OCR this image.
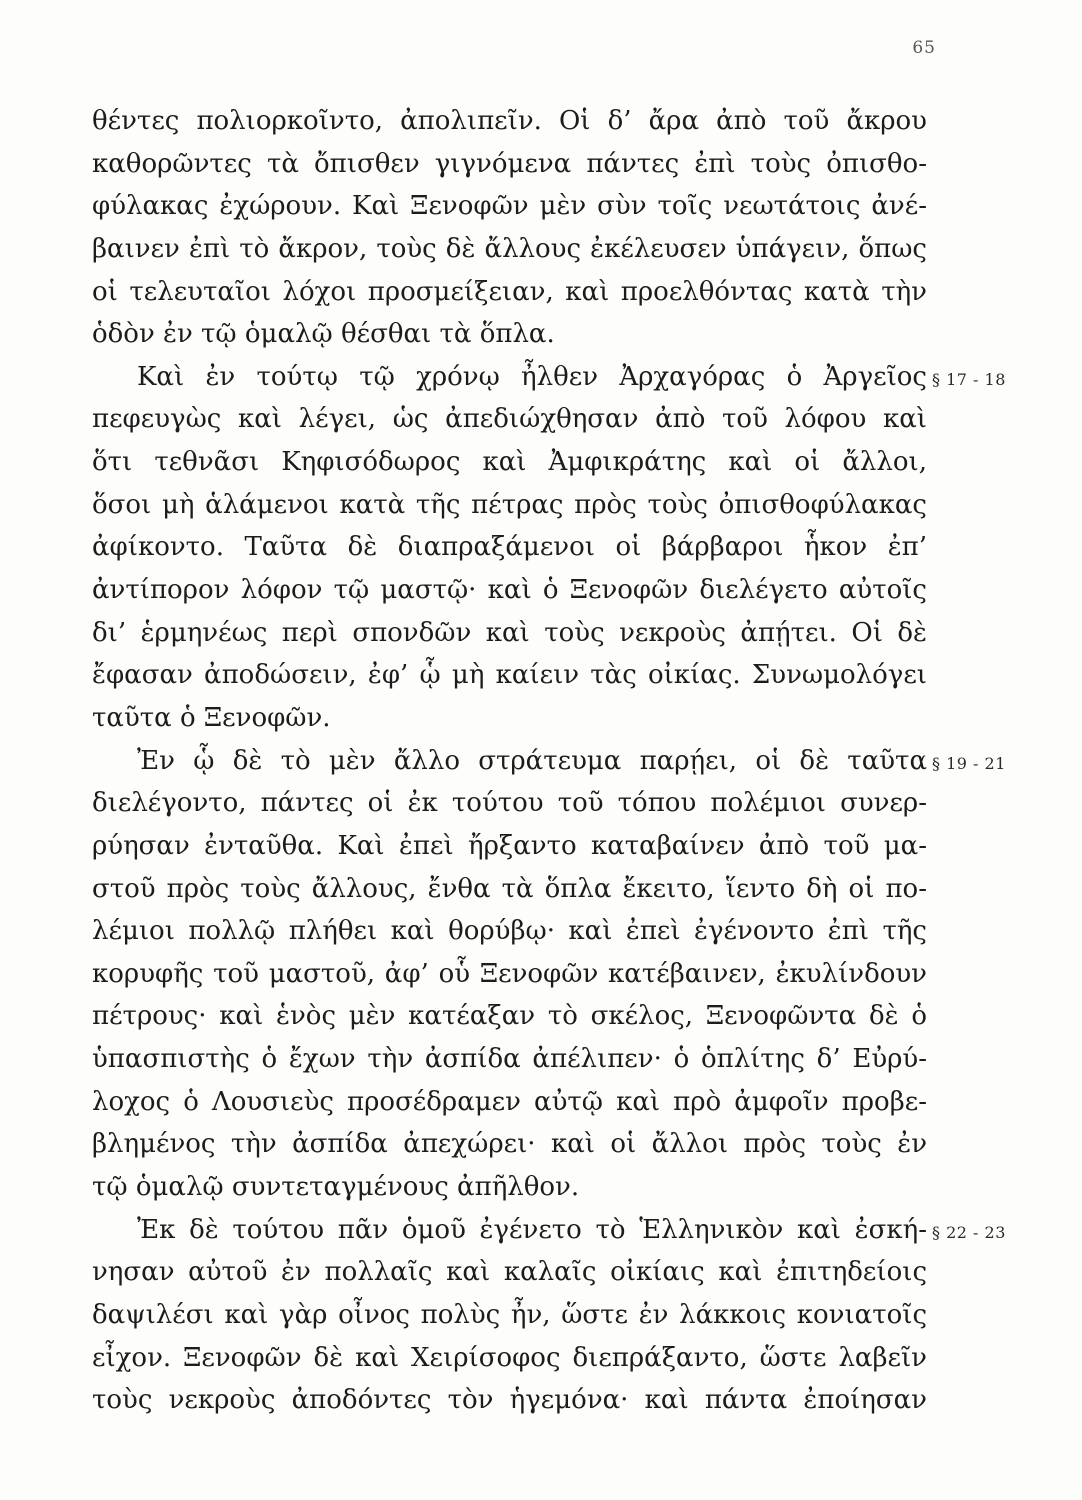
65
θέντες πολιορκοῖντο, ἀπολιπεῖν. Οἱ δ’ ἄρα ἀπὸ τοῦ ἄκρου
καθορῶντες τὰ ὄπισθεν γιγνόμενα πάντες ἐπὶ τοὺς ὀπισθο-
φύλακας ἐχώρουν. Καὶ Ξενοφῶν μὲν σὺν τοῖς νεωτάτοις ἀνέ-
βαινεν ἐπὶ τὸ ἄκρον, τοὺς δὲ ἄλλους ἐκέλευσεν ὑπάγειν, ὅπως
οἱ τελευταῖοι λόχοι προσμείξειαν, καὶ προελθόντας κατὰ τὴν
ὁδὸν ἐν τῷ ὁμαλῷ θέσθαι τὰ ὅπλα.
Καὶ ἐν τούτῳ τῷ χρόνῳ ἦλθεν Ἀρχαγόρας ὁ Ἀργεῖος
πεφευγὼς καὶ λέγει, ὡς ἀπεδιώχθησαν ἀπὸ τοῦ λόφου καὶ
ὅτι τεθνᾶσι Κηφισόδωρος καὶ Ἀμφικράτης καὶ οἱ ἄλλοι,
ὅσοι μὴ ἁλάμενοι κατὰ τῆς πέτρας πρὸς τοὺς ὀπισθοφύλακας
ἀφίκοντο. Ταῦτα δὲ διαπραξάμενοι οἱ βάρβαροι ἧκον ἐπ’
ἀντίπορον λόφον τῷ μαστῷ· καὶ ὁ Ξενοφῶν διελέγετο αὐτοῖς
δι’ ἑρμηνέως περὶ σπονδῶν καὶ τοὺς νεκροὺς ἀπῄτει. Οἱ δὲ
ἔφασαν ἀποδώσειν, ἐφ’ ᾧ μὴ καίειν τὰς οἰκίας. Συνωμολόγει
ταῦτα ὁ Ξενοφῶν.
Ἐν ᾧ δὲ τὸ μὲν ἄλλο στράτευμα παρῄει, οἱ δὲ ταῦτα
διελέγοντο, πάντες οἱ ἐκ τούτου τοῦ τόπου πολέμιοι συνερ-
ρύησαν ἐνταῦθα. Καὶ ἐπεὶ ἤρξαντο καταβαίνεν ἀπὸ τοῦ μα-
στοῦ πρὸς τοὺς ἄλλους, ἔνθα τὰ ὅπλα ἔκειτο, ἵεντο δὴ οἱ πο-
λέμιοι πολλῷ πλήθει καὶ θορύβῳ· καὶ ἐπεὶ ἐγένοντο ἐπὶ τῆς
κορυφῆς τοῦ μαστοῦ, ἀφ’ οὗ Ξενοφῶν κατέβαινεν, ἐκυλίνδουν
πέτρους· καὶ ἑνὸς μὲν κατέαξαν τὸ σκέλος, Ξενοφῶντα δὲ ὁ
ὑπασπιστὴς ὁ ἔχων τὴν ἀσπίδα ἀπέλιπεν· ὁ ὁπλίτης δ’ Εὐρύ-
λοχος ὁ Λουσιεὺς προσέδραμεν αὐτῷ καὶ πρὸ ἀμφοῖν προβε-
βλημένος τὴν ἀσπίδα ἀπεχώρει· καὶ οἱ ἄλλοι πρὸς τοὺς ἐν
τῷ ὁμαλῷ συντεταγμένους ἀπῆλθον.
Ἐκ δὲ τούτου πᾶν ὁμοῦ ἐγένετο τὸ Ἑλληνικὸν καὶ ἐσκή-
νησαν αὐτοῦ ἐν πολλαῖς καὶ καλαῖς οἰκίαις καὶ ἐπιτηδείοις
δαψιλέσι καὶ γὰρ οἶνος πολὺς ἦν, ὥστε ἐν λάκκοις κονιατοῖς
εἶχον. Ξενοφῶν δὲ καὶ Χειρίσοφος διεπράξαντο, ὥστε λαβεῖν
τοὺς νεκροὺς ἀποδόντες τὸν ἡγεμόνα· καὶ πάντα ἐποίησαν
§ 17 - 18
§ 19 - 21
§ 22 - 23
